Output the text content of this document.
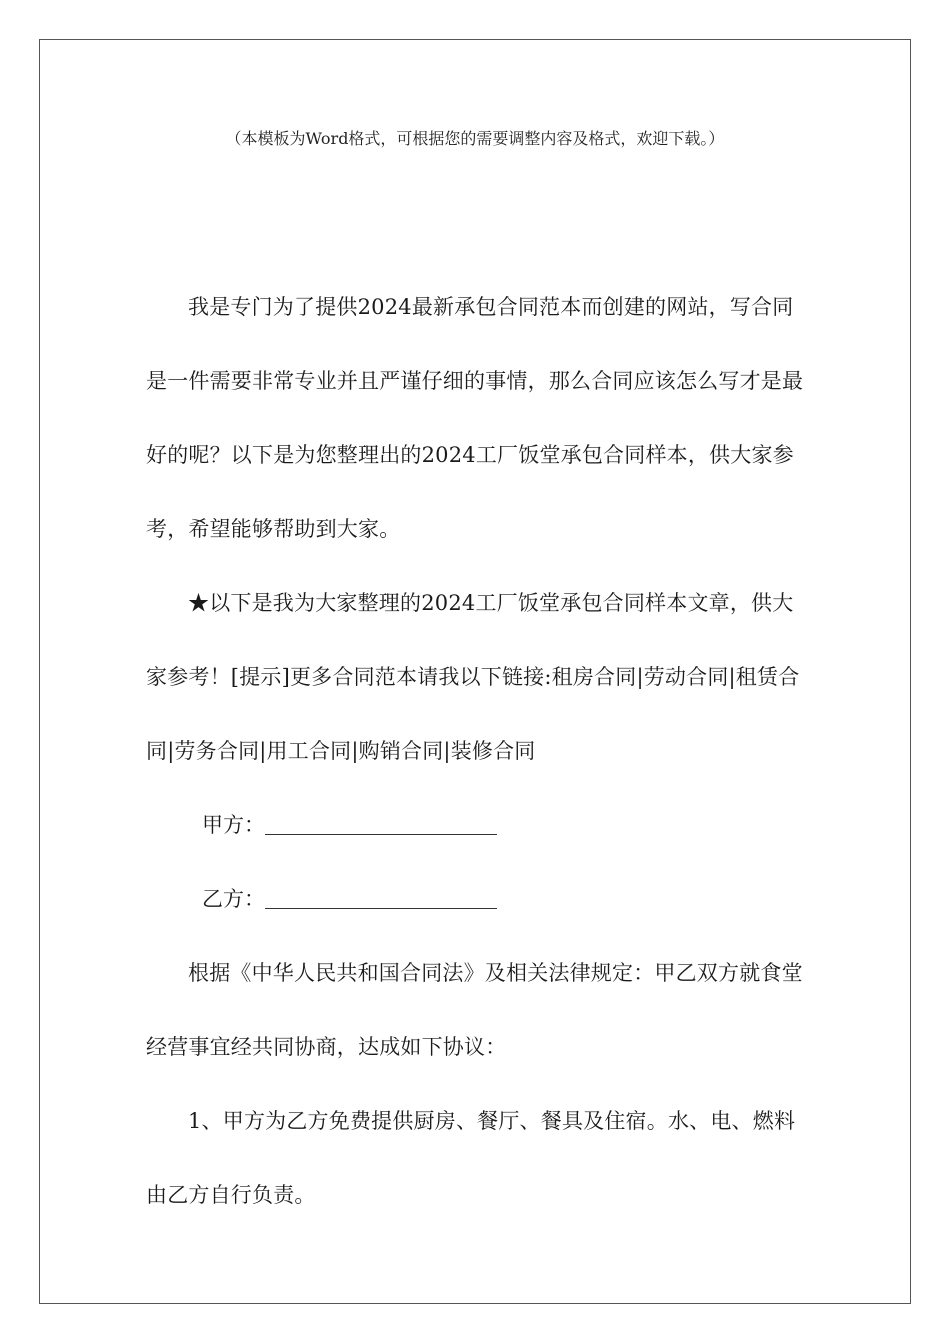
（本模板为Word格式，可根据您的需要调整内容及格式，欢迎下载。）

我是专门为了提供2024最新承包合同范本而创建的网站，写合同是一件需要非常专业并且严谨仔细的事情，那么合同应该怎么写才是最好的呢？以下是为您整理出的2024工厂饭堂承包合同样本，供大家参考，希望能够帮助到大家。

★以下是我为大家整理的2024工厂饭堂承包合同样本文章，供大家参考！[提示]更多合同范本请我以下链接:租房合同|劳动合同|租赁合同|劳务合同|用工合同|购销合同|装修合同

甲方：

乙方：

根据《中华人民共和国合同法》及相关法律规定：甲乙双方就食堂经营事宜经共同协商，达成如下协议：

1、甲方为乙方免费提供厨房、餐厅、餐具及住宿。水、电、燃料由乙方自行负责。
